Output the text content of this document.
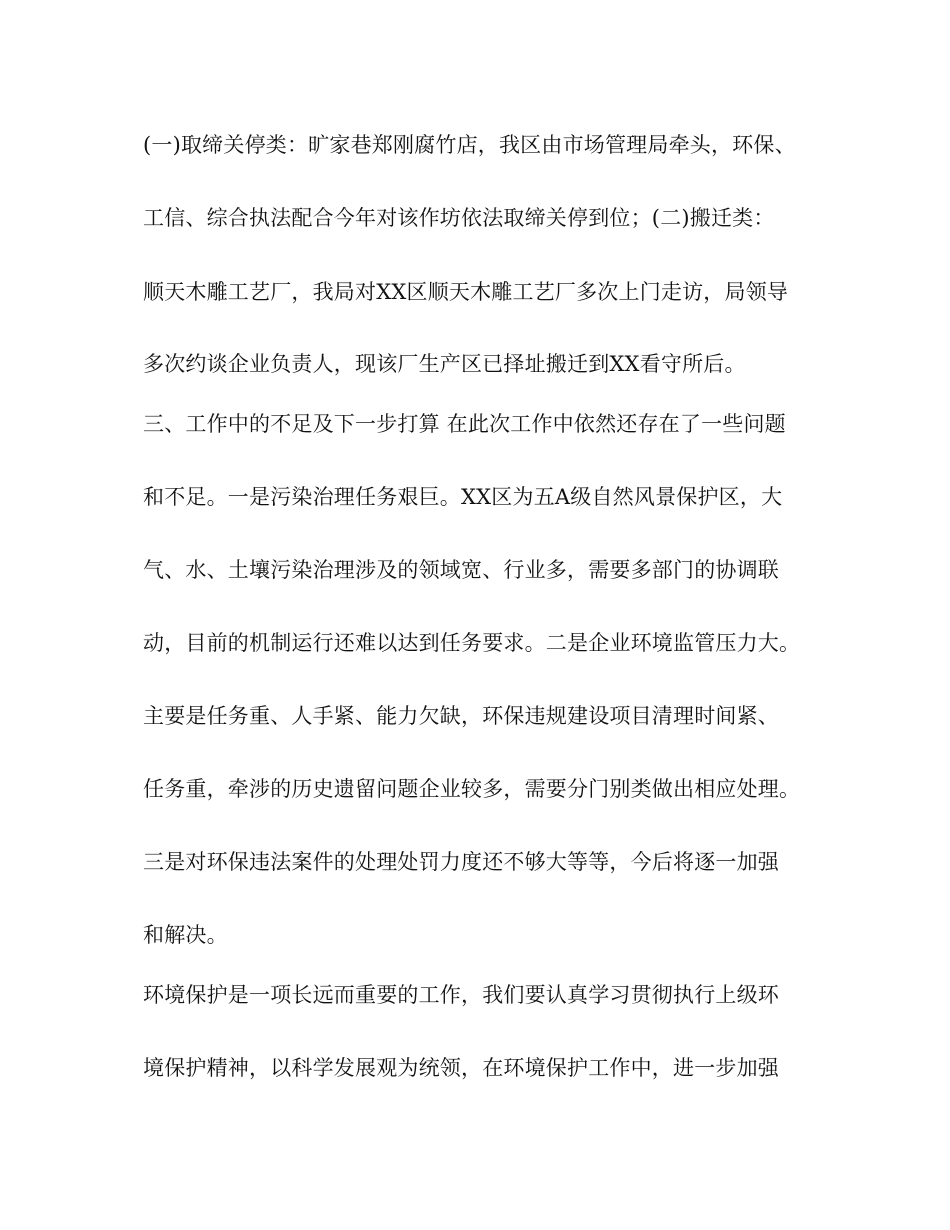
(一)取缔关停类：旷家巷郑刚腐竹店，我区由市场管理局牵头，环保、
工信、综合执法配合今年对该作坊依法取缔关停到位；(二)搬迁类：
顺天木雕工艺厂，我局对XX区顺天木雕工艺厂多次上门走访，局领导
多次约谈企业负责人，现该厂生产区已择址搬迁到XX看守所后。
三、工作中的不足及下一步打算 在此次工作中依然还存在了一些问题
和不足。一是污染治理任务艰巨。XX区为五A级自然风景保护区，大
气、水、土壤污染治理涉及的领域宽、行业多，需要多部门的协调联
动，目前的机制运行还难以达到任务要求。二是企业环境监管压力大。
主要是任务重、人手紧、能力欠缺，环保违规建设项目清理时间紧、
任务重，牵涉的历史遗留问题企业较多，需要分门别类做出相应处理。
三是对环保违法案件的处理处罚力度还不够大等等，今后将逐一加强
和解决。
环境保护是一项长远而重要的工作，我们要认真学习贯彻执行上级环
境保护精神，以科学发展观为统领，在环境保护工作中，进一步加强
